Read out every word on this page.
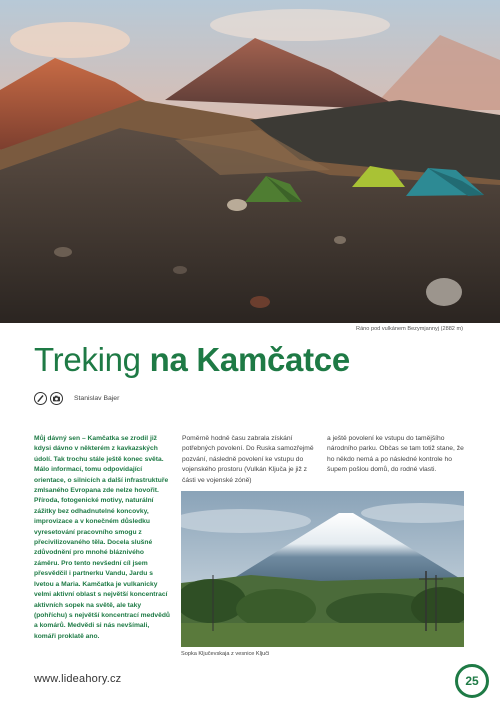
Ráno pod vulkánem Bezymjannyj (2882 m)
Treking na Kamčatce
Stanislav Bajer

Můj dávný sen – Kamčatka se zrodil již kdysi dávno v některém z kavkazských údolí. Tak trochu stále ještě konec světa. Málo informací, tomu odpovídající orientace, o silnicích a další infrastruktuře zmlsaného Evropana zde nelze hovořit. Příroda, fotogenické motivy, naturální zážitky bez odhadnutelné koncovky, improvizace a v konečném důsledku vyresetování pracovního smogu z přecivilizovaného těla. Docela slušné zdůvodnění pro mnohé bláznivého záměru. Pro tento nevšední cíl jsem přesvědčil i partnerku Vandu, Jardu s Ivetou a Maria. Kamčatka je vulkanicky velmi aktivní oblast s největší koncentrací aktivních sopek na světě, ale taky (pohříchu) s největší koncentrací medvědů a komárů. Medvědi si nás nevšímali, komáři proklatě ano.

Poměrně hodně času zabrala získání potřebných povolení. Do Ruska samozřejmě pozvání, následně povolení ke vstupu do vojenského prostoru (Vulkán Ključa je již z části ve vojenské zóně)

a ještě povolení ke vstupu do tamějšího národního parku. Občas se tam totiž stane, že ho někdo nemá a po následné kontrole ho šupem pošlou domů, do rodné vlasti.

Sopka Ključevskaja z vesnice Ključi
www.lideahory.cz	25
